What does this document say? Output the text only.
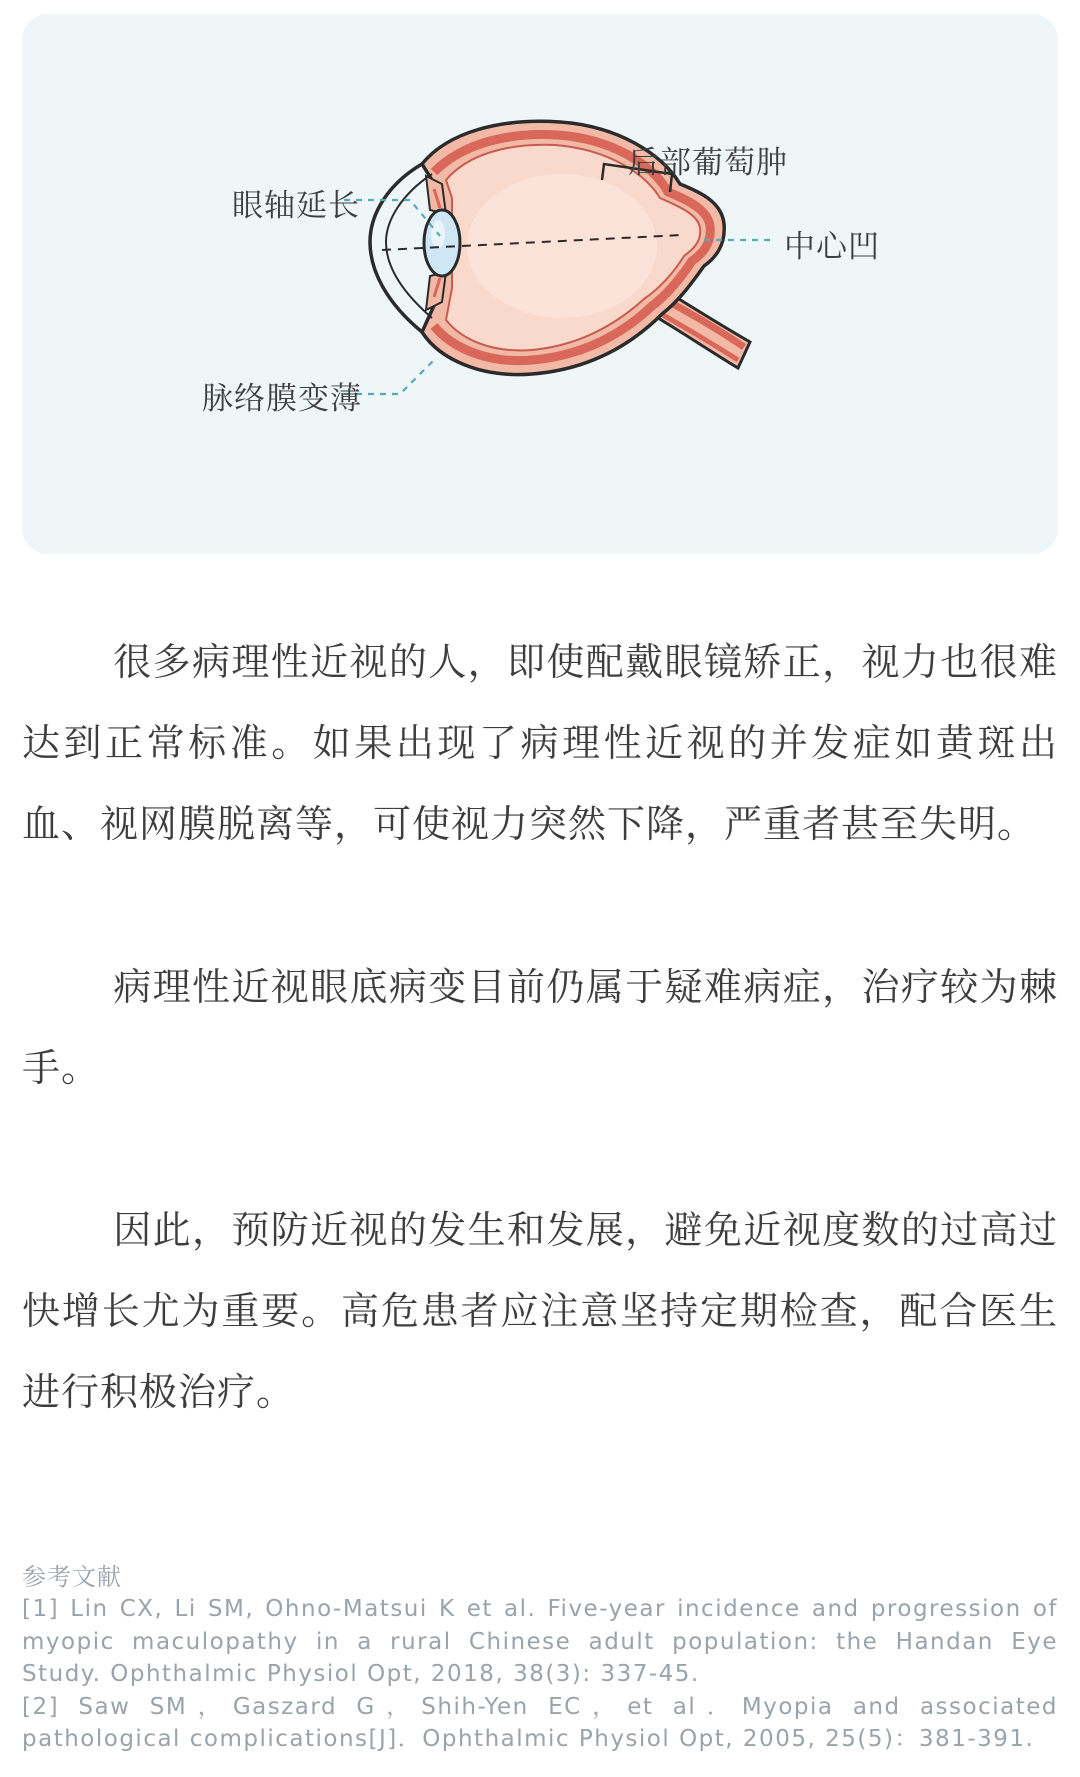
眼轴延长
后部葡萄肿
中心凹
脉络膜变薄

很多病理性近视的人，即使配戴眼镜矫正，视力也很难达到正常标准。如果出现了病理性近视的并发症如黄斑出血、视网膜脱离等，可使视力突然下降，严重者甚至失明。

病理性近视眼底病变目前仍属于疑难病症，治疗较为棘手。

因此，预防近视的发生和发展，避免近视度数的过高过快增长尤为重要。高危患者应注意坚持定期检查，配合医生进行积极治疗。

参考文献
[1] Lin CX, Li SM, Ohno-Matsui K et al. Five-year incidence and progression of myopic maculopathy in a rural Chinese adult population: the Handan Eye Study. Ophthalmic Physiol Opt, 2018, 38(3): 337-45.
[2] Saw SM，Gaszard G，Shih-Yen EC，et al．Myopia and associated pathological complications[J]．Ophthalmic Physiol Opt, 2005, 25(5)：381-391.
